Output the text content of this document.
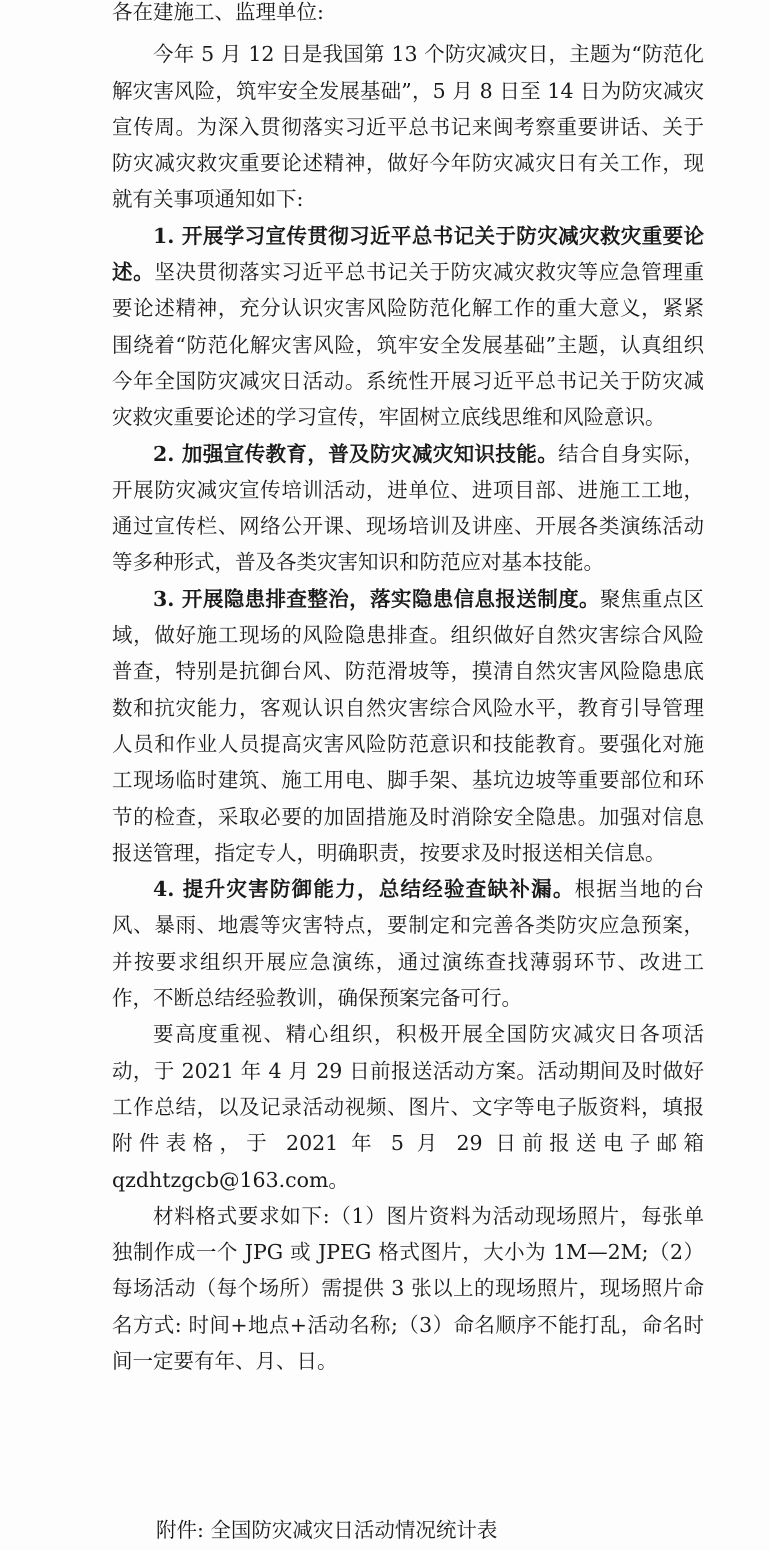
各在建施工、监理单位:

今年 5 月 12 日是我国第 13 个防灾减灾日，主题为“防范化解灾害风险，筑牢安全发展基础”，5 月 8 日至 14 日为防灾减灾宣传周。为深入贯彻落实习近平总书记来闽考察重要讲话、关于防灾减灾救灾重要论述精神，做好今年防灾减灾日有关工作，现就有关事项通知如下:

1. 开展学习宣传贯彻习近平总书记关于防灾减灾救灾重要论述。坚决贯彻落实习近平总书记关于防灾减灾救灾等应急管理重要论述精神，充分认识灾害风险防范化解工作的重大意义，紧紧围绕着“防范化解灾害风险，筑牢安全发展基础”主题，认真组织今年全国防灾减灾日活动。系统性开展习近平总书记关于防灾减灾救灾重要论述的学习宣传，牢固树立底线思维和风险意识。

2. 加强宣传教育，普及防灾减灾知识技能。结合自身实际，开展防灾减灾宣传培训活动，进单位、进项目部、进施工工地，通过宣传栏、网络公开课、现场培训及讲座、开展各类演练活动等多种形式，普及各类灾害知识和防范应对基本技能。

3. 开展隐患排查整治，落实隐患信息报送制度。聚焦重点区域，做好施工现场的风险隐患排查。组织做好自然灾害综合风险普查，特别是抗御台风、防范滑坡等，摸清自然灾害风险隐患底数和抗灾能力，客观认识自然灾害综合风险水平，教育引导管理人员和作业人员提高灾害风险防范意识和技能教育。要强化对施工现场临时建筑、施工用电、脚手架、基坑边坡等重要部位和环节的检查，采取必要的加固措施及时消除安全隐患。加强对信息报送管理，指定专人，明确职责，按要求及时报送相关信息。

4. 提升灾害防御能力，总结经验查缺补漏。根据当地的台风、暴雨、地震等灾害特点，要制定和完善各类防灾应急预案，并按要求组织开展应急演练，通过演练查找薄弱环节、改进工作，不断总结经验教训，确保预案完备可行。

要高度重视、精心组织，积极开展全国防灾减灾日各项活动，于 2021 年 4 月 29 日前报送活动方案。活动期间及时做好工作总结，以及记录活动视频、图片、文字等电子版资料，填报附件表格，于 2021 年 5 月 29 日前报送电子邮箱 qzdhtzgcb@163.com。

材料格式要求如下:（1）图片资料为活动现场照片，每张单独制作成一个 JPG 或 JPEG 格式图片，大小为 1M—2M;（2）每场活动（每个场所）需提供 3 张以上的现场照片，现场照片命名方式: 时间+地点+活动名称;（3）命名顺序不能打乱，命名时间一定要有年、月、日。

附件: 全国防灾减灾日活动情况统计表
